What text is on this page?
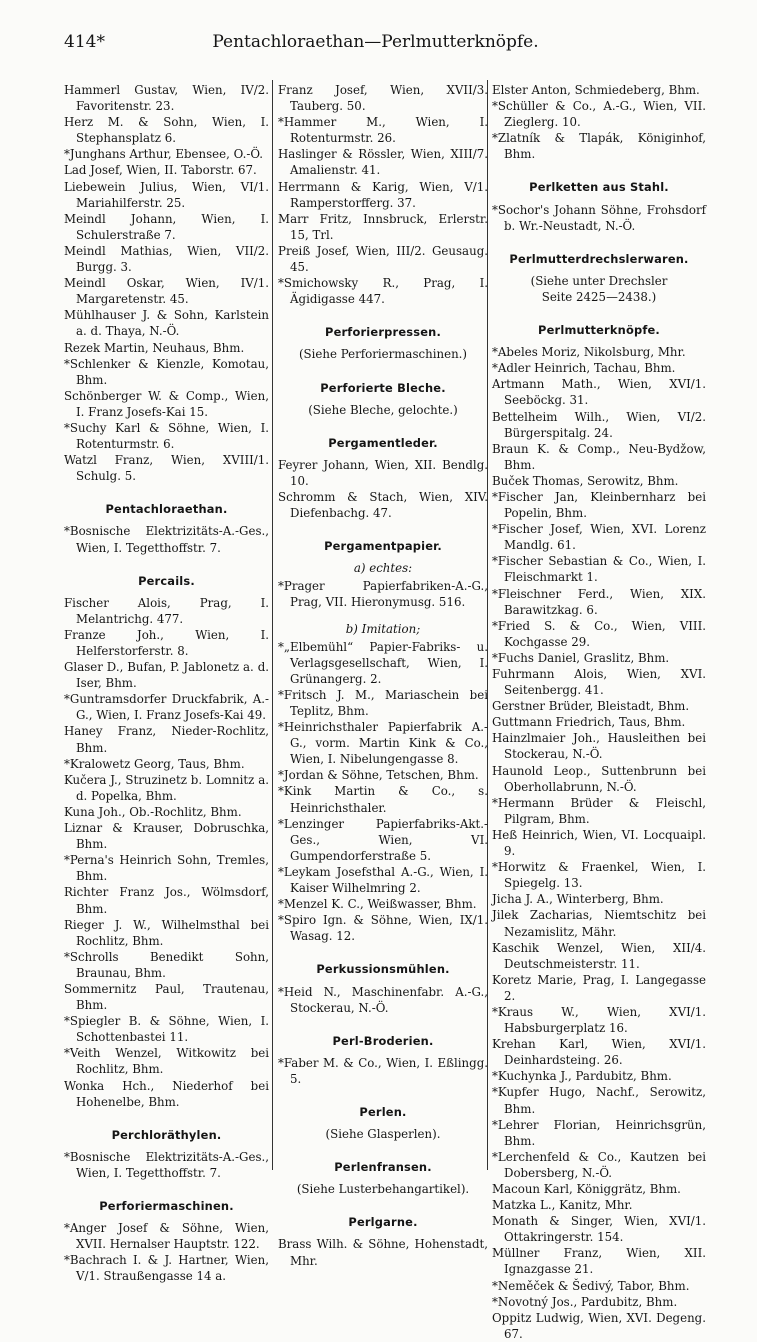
414*	Pentachloraethan—Perlmutterknöpfe.

Hammerl Gustav, Wien, IV/2. Favoritenstr. 23.

Herz M. & Sohn, Wien, I. Stephansplatz 6.

*Junghans Arthur, Ebensee, O.-Ö.

Lad Josef, Wien, II. Taborstr. 67.

Liebewein Julius, Wien, VI/1. Mariahilferstr. 25.

Meindl Johann, Wien, I. Schulerstraße 7.

Meindl Mathias, Wien, VII/2. Burgg. 3.

Meindl Oskar, Wien, IV/1. Margaretenstr. 45.

Mühlhauser J. & Sohn, Karlstein a. d. Thaya, N.-Ö.

Rezek Martin, Neuhaus, Bhm.

*Schlenker & Kienzle, Komotau, Bhm.

Schönberger W. & Comp., Wien, I. Franz Josefs-Kai 15.

*Suchy Karl & Söhne, Wien, I. Rotenturmstr. 6.

Watzl Franz, Wien, XVIII/1. Schulg. 5.

Pentachloraethan.

*Bosnische Elektrizitäts-A.-Ges., Wien, I. Tegetthoffstr. 7.

Percails.

Fischer Alois, Prag, I. Melantrichg. 477.

Franze Joh., Wien, I. Helferstorferstr. 8.

Glaser D., Bufan, P. Jablonetz a. d. Iser, Bhm.

*Guntramsdorfer Druckfabrik, A.-G., Wien, I. Franz Josefs-Kai 49.

Haney Franz, Nieder-Rochlitz, Bhm.

*Kralowetz Georg, Taus, Bhm.

Kučera J., Struzinetz b. Lomnitz a. d. Popelka, Bhm.

Kuna Joh., Ob.-Rochlitz, Bhm.

Liznar & Krauser, Dobruschka, Bhm.

*Perna's Heinrich Sohn, Tremles, Bhm.

Richter Franz Jos., Wölmsdorf, Bhm.

Rieger J. W., Wilhelmsthal bei Rochlitz, Bhm.

*Schrolls Benedikt Sohn, Braunau, Bhm.

Sommernitz Paul, Trautenau, Bhm.

*Spiegler B. & Söhne, Wien, I. Schottenbastei 11.

*Veith Wenzel, Witkowitz bei Rochlitz, Bhm.

Wonka Hch., Niederhof bei Hohenelbe, Bhm.

Perchloräthylen.

*Bosnische Elektrizitäts-A.-Ges., Wien, I. Tegetthoffstr. 7.

Perforiermaschinen.

*Anger Josef & Söhne, Wien, XVII. Hernalser Hauptstr. 122.

*Bachrach I. & J. Hartner, Wien, V/1. Straußengasse 14 a.

Franz Josef, Wien, XVII/3. Tauberg. 50.

*Hammer M., Wien, I. Rotenturmstr. 26.

Haslinger & Rössler, Wien, XIII/7. Amalienstr. 41.

Herrmann & Karig, Wien, V/1. Ramperstorfferg. 37.

Marr Fritz, Innsbruck, Erlerstr. 15, Trl.

Preiß Josef, Wien, III/2. Geusaug. 45.

*Smichowsky R., Prag, I. Ägidigasse 447.

Perforierpressen.

(Siehe Perforiermaschinen.)

Perforierte Bleche.

(Siehe Bleche, gelochte.)

Pergamentleder.

Feyrer Johann, Wien, XII. Bendlg. 10.

Schromm & Stach, Wien, XIV. Diefenbachg. 47.

Pergamentpapier.

a) echtes:

*Prager Papierfabriken-A.-G., Prag, VII. Hieronymusg. 516.

b) Imitation;

*„Elbemühl“ Papier-Fabriks- u. Verlagsgesellschaft, Wien, I. Grünangerg. 2.

*Fritsch J. M., Mariaschein bei Teplitz, Bhm.

*Heinrichsthaler Papierfabrik A.-G., vorm. Martin Kink & Co., Wien, I. Nibelungengasse 8.

*Jordan & Söhne, Tetschen, Bhm.

*Kink Martin & Co., s. Heinrichsthaler.

*Lenzinger Papierfabriks-Akt.-Ges., Wien, VI. Gumpendorferstraße 5.

*Leykam Josefsthal A.-G., Wien, I. Kaiser Wilhelmring 2.

*Menzel K. C., Weißwasser, Bhm.

*Spiro Ign. & Söhne, Wien, IX/1. Wasag. 12.

Perkussionsmühlen.

*Heid N., Maschinenfabr. A.-G., Stockerau, N.-Ö.

Perl-Broderien.

*Faber M. & Co., Wien, I. Eßlingg. 5.

Perlen.

(Siehe Glasperlen).

Perlenfransen.

(Siehe Lusterbehangartikel).

Perlgarne.

Brass Wilh. & Söhne, Hohenstadt, Mhr.

Elster Anton, Schmiedeberg, Bhm.

*Schüller & Co., A.-G., Wien, VII. Zieglerg. 10.

*Zlatník & Tlapák, Königinhof, Bhm.

Perlketten aus Stahl.

*Sochor's Johann Söhne, Frohsdorf b. Wr.-Neustadt, N.-Ö.

Perlmutterdrechslerwaren.

(Siehe unter Drechsler

Seite 2425—2438.)

Perlmutterknöpfe.

*Abeles Moriz, Nikolsburg, Mhr.

*Adler Heinrich, Tachau, Bhm.

Artmann Math., Wien, XVI/1. Seeböckg. 31.

Bettelheim Wilh., Wien, VI/2. Bürgerspitalg. 24.

Braun K. & Comp., Neu-Bydžow, Bhm.

Buček Thomas, Serowitz, Bhm.

*Fischer Jan, Kleinbernharz bei Popelin, Bhm.

*Fischer Josef, Wien, XVI. Lorenz Mandlg. 61.

*Fischer Sebastian & Co., Wien, I. Fleischmarkt 1.

*Fleischner Ferd., Wien, XIX. Barawitzkag. 6.

*Fried S. & Co., Wien, VIII. Kochgasse 29.

*Fuchs Daniel, Graslitz, Bhm.

Fuhrmann Alois, Wien, XVI. Seitenbergg. 41.

Gerstner Brüder, Bleistadt, Bhm.

Guttmann Friedrich, Taus, Bhm.

Hainzlmaier Joh., Hausleithen bei Stockerau, N.-Ö.

Haunold Leop., Suttenbrunn bei Oberhollabrunn, N.-Ö.

*Hermann Brüder & Fleischl, Pilgram, Bhm.

Heß Heinrich, Wien, VI. Locquaipl. 9.

*Horwitz & Fraenkel, Wien, I. Spiegelg. 13.

Jicha J. A., Winterberg, Bhm.

Jilek Zacharias, Niemtschitz bei Nezamislitz, Mähr.

Kaschik Wenzel, Wien, XII/4. Deutschmeisterstr. 11.

Koretz Marie, Prag, I. Langegasse 2.

*Kraus W., Wien, XVI/1. Habsburgerplatz 16.

Krehan Karl, Wien, XVI/1. Deinhardsteing. 26.

*Kuchynka J., Pardubitz, Bhm.

*Kupfer Hugo, Nachf., Serowitz, Bhm.

*Lehrer Florian, Heinrichsgrün, Bhm.

*Lerchenfeld & Co., Kautzen bei Dobersberg, N.-Ö.

Macoun Karl, Königgrätz, Bhm.

Matzka L., Kanitz, Mhr.

Monath & Singer, Wien, XVI/1. Ottakringerstr. 154.

Müllner Franz, Wien, XII. Ignazgasse 21.

*Neměček & Šedivý, Tabor, Bhm.

*Novotný Jos., Pardubitz, Bhm.

Oppitz Ludwig, Wien, XVI. Degeng. 67.
